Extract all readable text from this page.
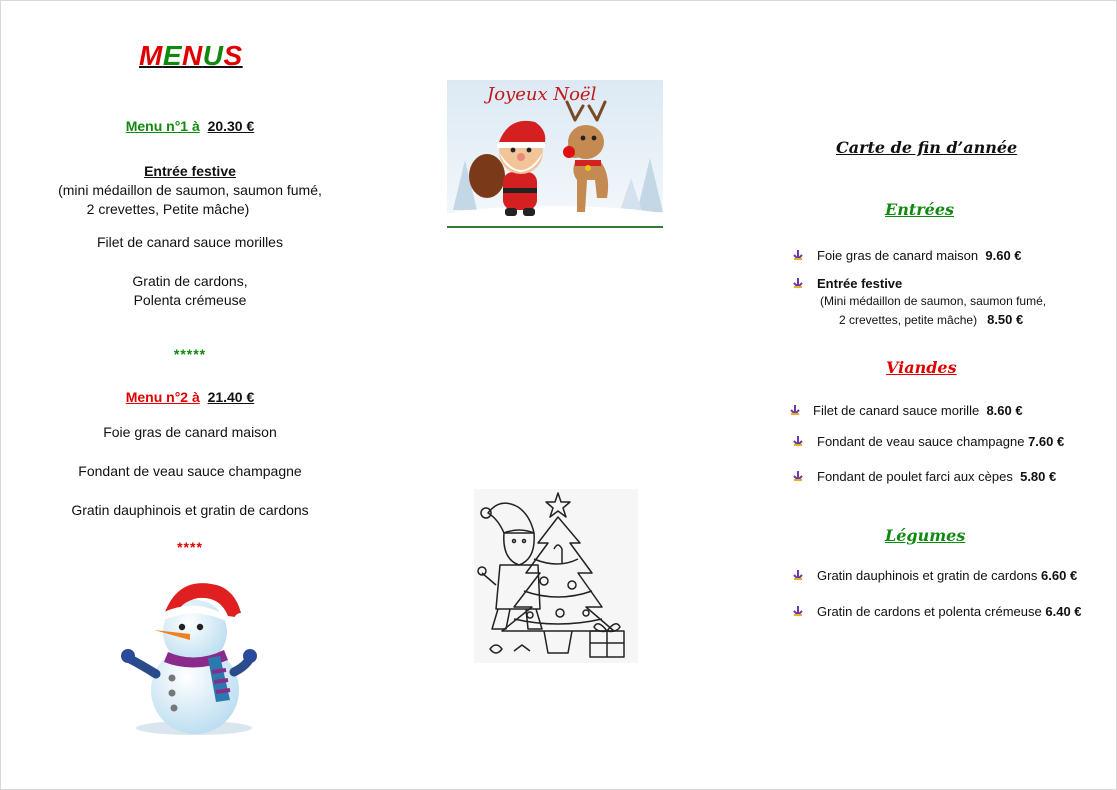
MENUS
Menu n°1 à 20.30 €
Entrée festive
(mini médaillon de saumon, saumon fumé,
2 crevettes, Petite mâche)
Filet de canard sauce morilles
Gratin de cardons,
Polenta crémeuse
*****
Menu n°2 à 21.40 €
Foie gras de canard maison
Fondant de veau sauce champagne
Gratin dauphinois et gratin de cardons
****
Joyeux Noël
Carte de fin d’année
Entrées
Foie gras de canard maison 9.60 €
Entrée festive
(Mini médaillon de saumon, saumon fumé,
2 crevettes, petite mâche) 8.50 €
Viandes
Filet de canard sauce morille 8.60 €
Fondant de veau sauce champagne 7.60 €
Fondant de poulet farci aux cèpes 5.80 €
Légumes
Gratin dauphinois et gratin de cardons 6.60 €
Gratin de cardons et polenta crémeuse 6.40 €
